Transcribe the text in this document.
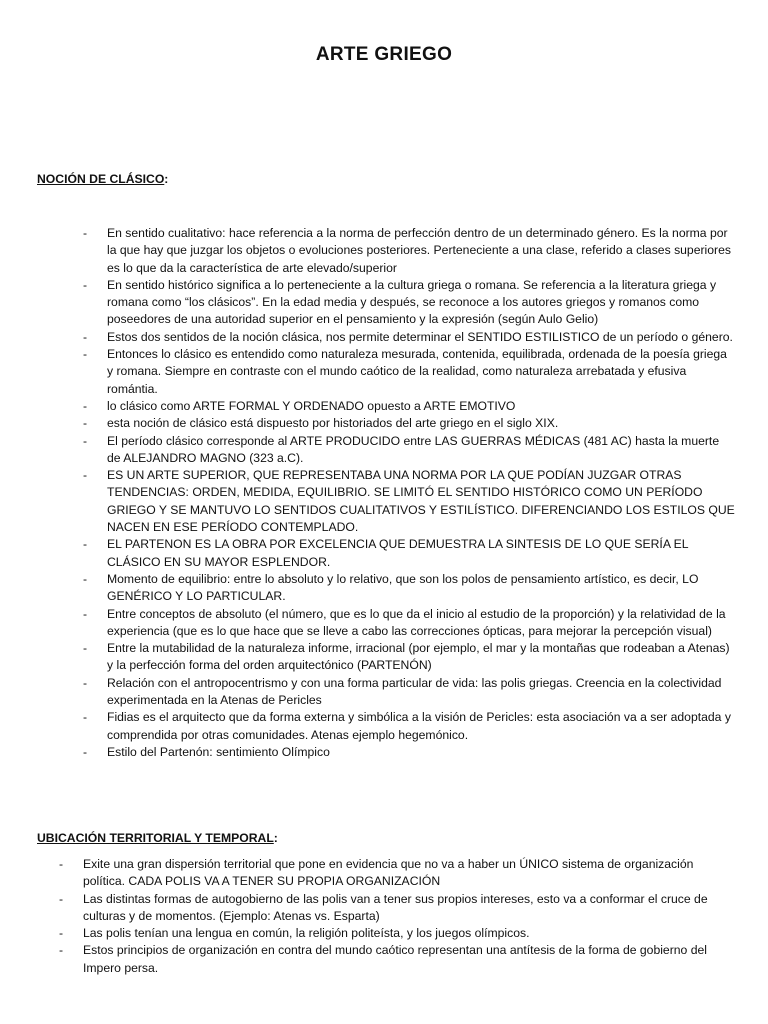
ARTE GRIEGO
NOCIÓN DE CLÁSICO:
- En sentido cualitativo: hace referencia a la norma de perfección dentro de un determinado género. Es la norma por la que hay que juzgar los objetos o evoluciones posteriores. Perteneciente a una clase, referido a clases superiores es lo que da la característica de arte elevado/superior
- En sentido histórico significa a lo perteneciente a la cultura griega o romana. Se referencia a la literatura griega y romana como “los clásicos”. En la edad media y después, se reconoce a los autores griegos y romanos como poseedores de una autoridad superior en el pensamiento y la expresión (según Aulo Gelio)
- Estos dos sentidos de la noción clásica, nos permite determinar el SENTIDO ESTILISTICO de un período o género.
- Entonces lo clásico es entendido como naturaleza mesurada, contenida, equilibrada, ordenada de la poesía griega y romana. Siempre en contraste con el mundo caótico de la realidad, como naturaleza arrebatada y efusiva romántia.
- lo clásico como ARTE FORMAL Y ORDENADO opuesto a ARTE EMOTIVO
- esta noción de clásico está dispuesto por historiados del arte griego en el siglo XIX.
- El período clásico corresponde al ARTE PRODUCIDO entre LAS GUERRAS MÉDICAS (481 AC) hasta la muerte de ALEJANDRO MAGNO (323 a.C).
- ES UN ARTE SUPERIOR, QUE REPRESENTABA UNA NORMA POR LA QUE PODÍAN JUZGAR OTRAS TENDENCIAS: ORDEN, MEDIDA, EQUILIBRIO. SE LIMITÓ EL SENTIDO HISTÓRICO COMO UN PERÍODO GRIEGO Y SE MANTUVO LO SENTIDOS CUALITATIVOS Y ESTILÍSTICO. DIFERENCIANDO LOS ESTILOS QUE NACEN EN ESE PERÍODO CONTEMPLADO.
- EL PARTENON ES LA OBRA POR EXCELENCIA QUE DEMUESTRA LA SINTESIS DE LO QUE SERÍA EL CLÁSICO EN SU MAYOR ESPLENDOR.
- Momento de equilibrio: entre lo absoluto y lo relativo, que son los polos de pensamiento artístico, es decir, LO GENÉRICO Y LO PARTICULAR.
- Entre conceptos de absoluto (el número, que es lo que da el inicio al estudio de la proporción) y la relatividad de la experiencia (que es lo que hace que se lleve a cabo las correcciones ópticas, para mejorar la percepción visual)
- Entre la mutabilidad de la naturaleza informe, irracional (por ejemplo, el mar y la montañas que rodeaban a Atenas) y la perfección forma del orden arquitectónico (PARTENÓN)
- Relación con el antropocentrismo y con una forma particular de vida: las polis griegas. Creencia en la colectividad experimentada en la Atenas de Pericles
- Fidias es el arquitecto que da forma externa y simbólica a la visión de Pericles: esta asociación va a ser adoptada y comprendida por otras comunidades. Atenas ejemplo hegemónico.
- Estilo del Partenón: sentimiento Olímpico
UBICACIÓN TERRITORIAL Y TEMPORAL:
- Exite una gran dispersión territorial que pone en evidencia que no va a haber un ÚNICO sistema de organización política. CADA POLIS VA A TENER SU PROPIA ORGANIZACIÓN
- Las distintas formas de autogobierno de las polis van a tener sus propios intereses, esto va a conformar el cruce de culturas y de momentos. (Ejemplo: Atenas vs. Esparta)
- Las polis tenían una lengua en común, la religión politeísta, y los juegos olímpicos.
- Estos principios de organización en contra del mundo caótico representan una antítesis de la forma de gobierno del Impero persa.
